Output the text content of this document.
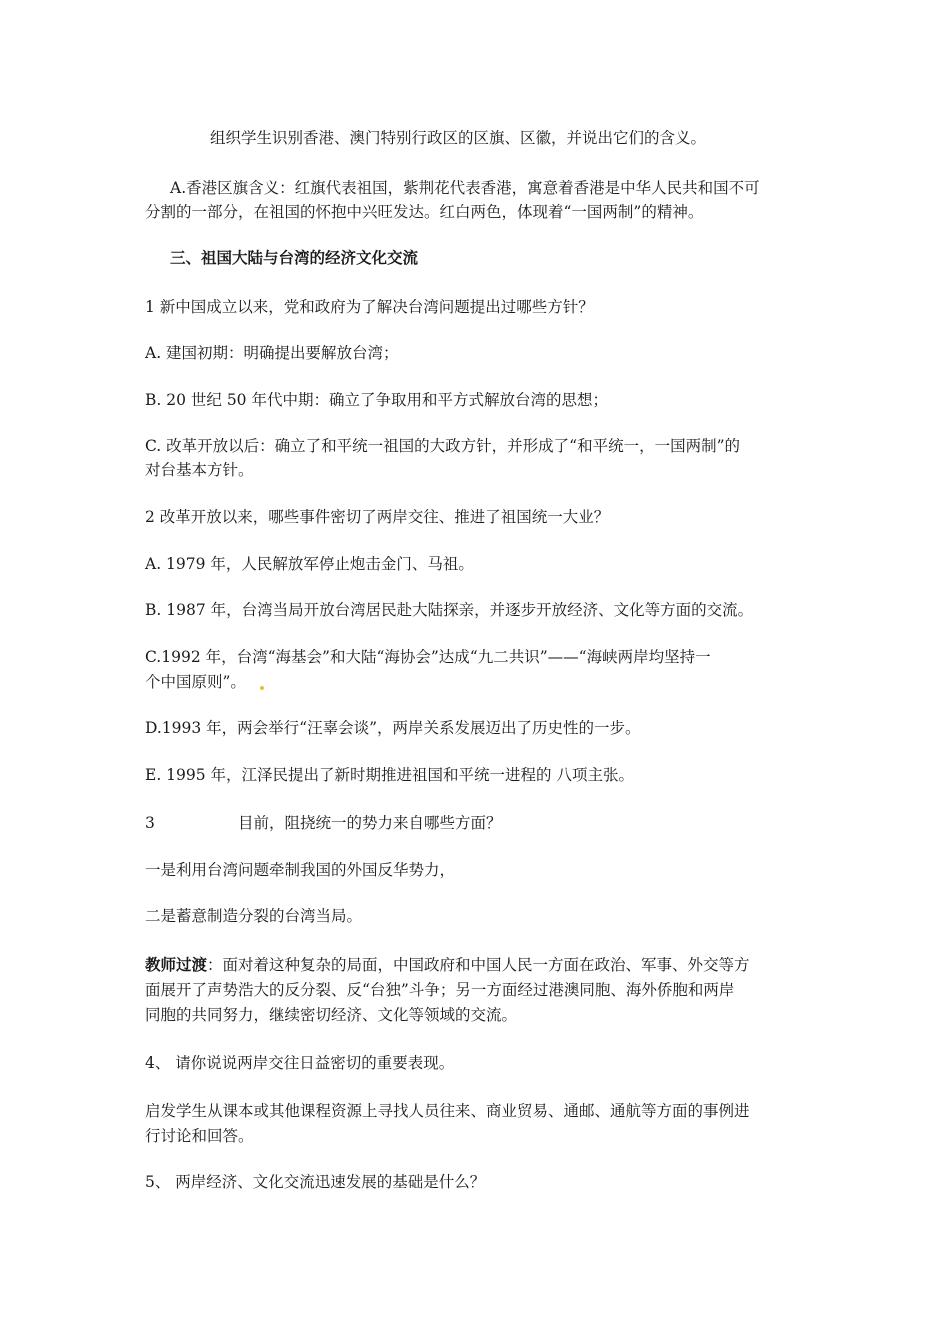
组织学生识别香港、澳门特别行政区的区旗、区徽，并说出它们的含义。
A.香港区旗含义：红旗代表祖国，紫荆花代表香港，寓意着香港是中华人民共和国不可
分割的一部分，在祖国的怀抱中兴旺发达。红白两色，体现着“一国两制”的精神。
三、祖国大陆与台湾的经济文化交流
1 新中国成立以来，党和政府为了解决台湾问题提出过哪些方针？
A. 建国初期：明确提出要解放台湾；
B. 20 世纪 50 年代中期：确立了争取用和平方式解放台湾的思想；
C. 改革开放以后：确立了和平统一祖国的大政方针，并形成了“和平统一，一国两制”的
对台基本方针。
2 改革开放以来，哪些事件密切了两岸交往、推进了祖国统一大业？
A. 1979 年，人民解放军停止炮击金门、马祖。
B. 1987 年，台湾当局开放台湾居民赴大陆探亲，并逐步开放经济、文化等方面的交流。
C.1992 年，台湾“海基会”和大陆“海协会”达成“九二共识”——“海峡两岸均坚持一
个中国原则”。
D.1993 年，两会举行“汪辜会谈”，两岸关系发展迈出了历史性的一步。
E. 1995 年，江泽民提出了新时期推进祖国和平统一进程的 八项主张。
3	目前，阻挠统一的势力来自哪些方面？
一是利用台湾问题牵制我国的外国反华势力，
二是蓄意制造分裂的台湾当局。
教师过渡：面对着这种复杂的局面，中国政府和中国人民一方面在政治、军事、外交等方
面展开了声势浩大的反分裂、反“台独”斗争；另一方面经过港澳同胞、海外侨胞和两岸
同胞的共同努力，继续密切经济、文化等领域的交流。
4、 请你说说两岸交往日益密切的重要表现。
启发学生从课本或其他课程资源上寻找人员往来、商业贸易、通邮、通航等方面的事例进
行讨论和回答。
5、 两岸经济、文化交流迅速发展的基础是什么？
